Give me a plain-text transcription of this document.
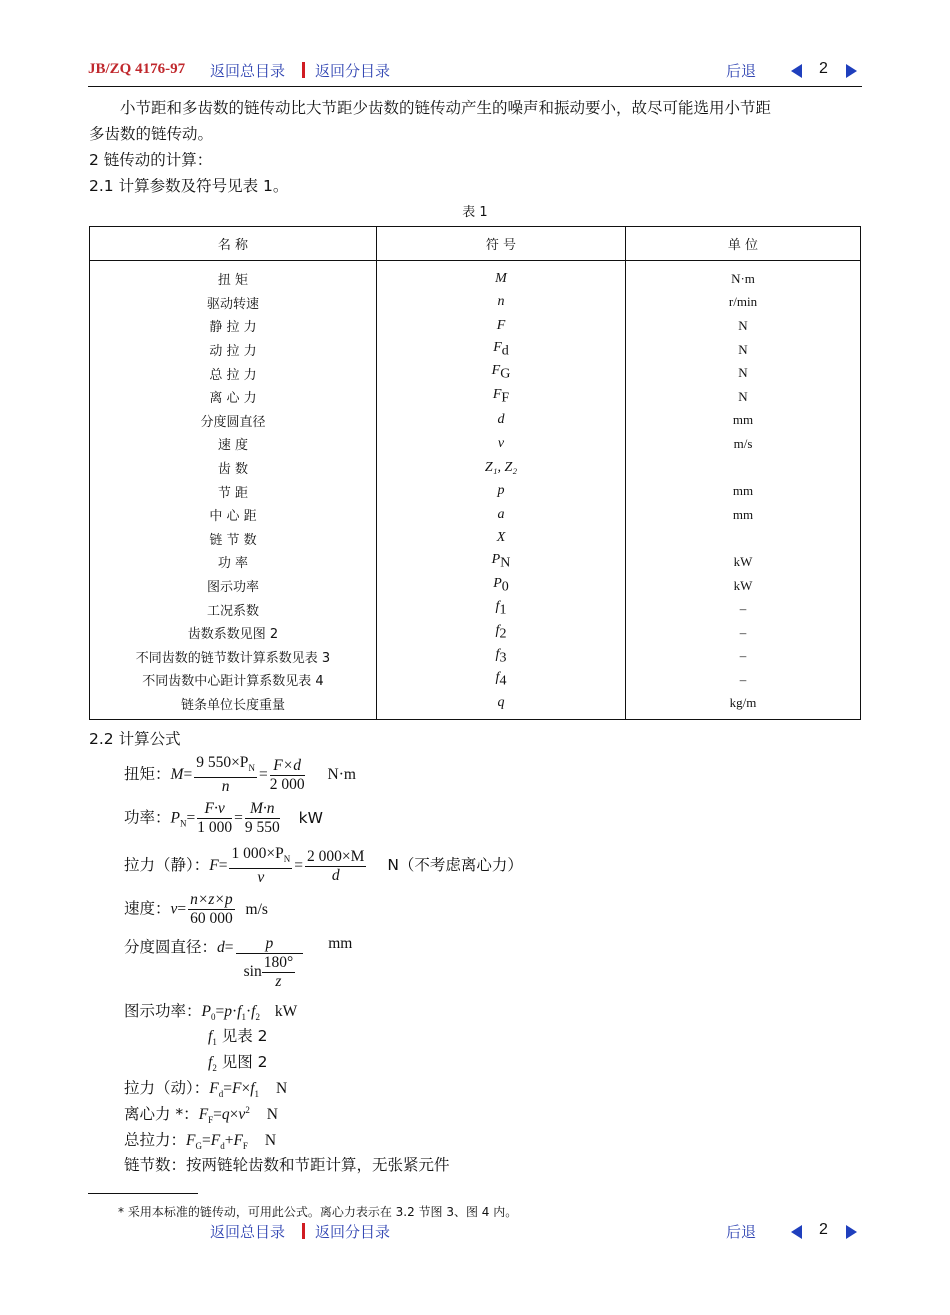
JB/ZQ 4176-97 返回总目录 返回分目录	后退	2
小节距和多齿数的链传动比大节距少齿数的链传动产生的噪声和振动要小，故尽可能选用小节距
多齿数的链传动。
2 链传动的计算：
2.1 计算参数及符号见表 1。
表 1
名 称	符 号	单 位
扭 矩	M	N·m
驱动转速	n	r/min
静 拉 力	F	N
动 拉 力	$F_d$	N
总 拉 力	$F_G$	N
离 心 力	$F_F$	N
分度圆直径	d	mm
速 度	v	m/s
齿 数	Z₁, Z₂	
节 距	p	mm
中 心 距	a	mm
链 节 数	X	
功 率	$P_N$	kW
图示功率	$P_0$	kW
工况系数	$f_1$	–
齿数系数见图 2	$f_2$	–
不同齿数的链节数计算系数见表 3	$f_3$	–
不同齿数中心距计算系数见表 4	$f_4$	–
链条单位长度重量	q	kg/m
2.2 计算公式
扭矩：$M= \frac{9 550\times P_N}{n} = \frac{F\times d}{2 000} N\cdot m$
功率：$P_N= \frac{F\cdot v}{1 000} = \frac{M\cdot n}{9 550}$ kW
拉力（静）：$F= \frac{1 000\times P_N}{v} = \frac{2 000\times M}{d} N$（不考虑离心力）
速度：$v= \frac{n\times z\times p}{60 000} m/s$
分度圆直径：$d= \frac{p}{\sin \frac{180^\circ}{z}}$ mm
图示功率：$P_0=p\cdot f_1\cdot f_2$ kW
$f_1$ 见表 2
$f_2$ 见图 2
拉力（动）：$F_d=F\times f_1$ N
离心力 *：$F_F=q\times v^2$ N
总拉力：$F_G=F_d+F_F$ N
链节数：按两链轮齿数和节距计算，无张紧元件
* 采用本标准的链传动，可用此公式。离心力表示在 3.2 节图 3、图 4 内。
返回总目录 返回分目录	后退	2
